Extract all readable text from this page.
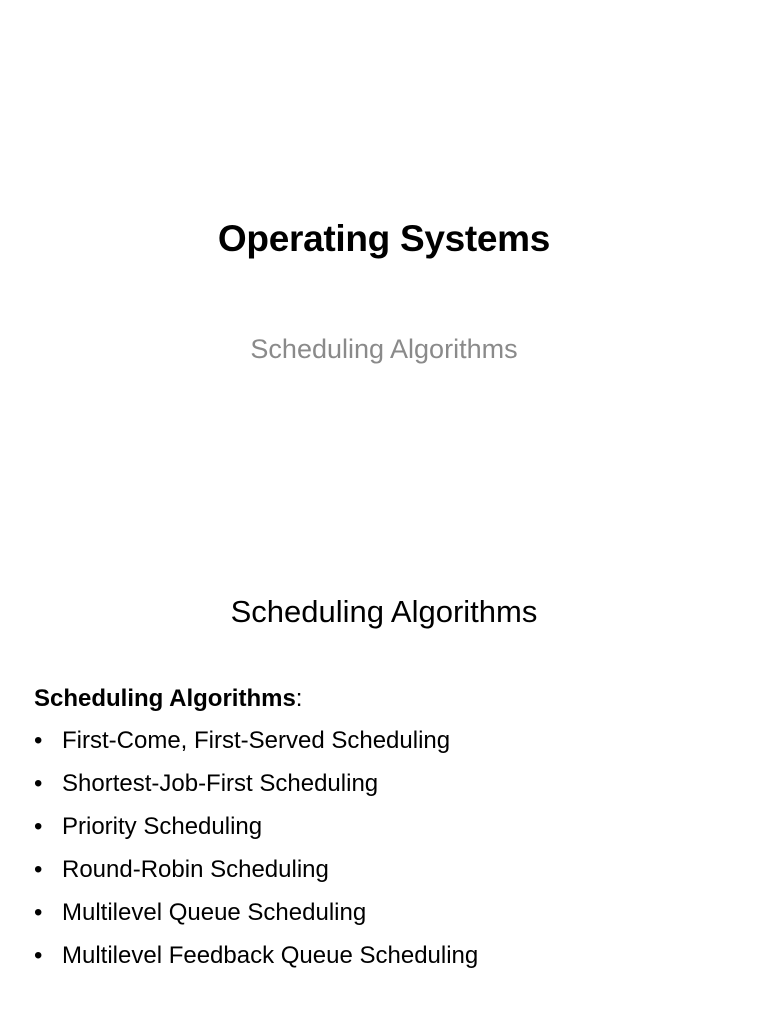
Operating Systems
Scheduling Algorithms
Scheduling Algorithms
Scheduling Algorithms:
• First-Come, First-Served Scheduling
• Shortest-Job-First Scheduling
• Priority Scheduling
• Round-Robin Scheduling
• Multilevel Queue Scheduling
• Multilevel Feedback Queue Scheduling
